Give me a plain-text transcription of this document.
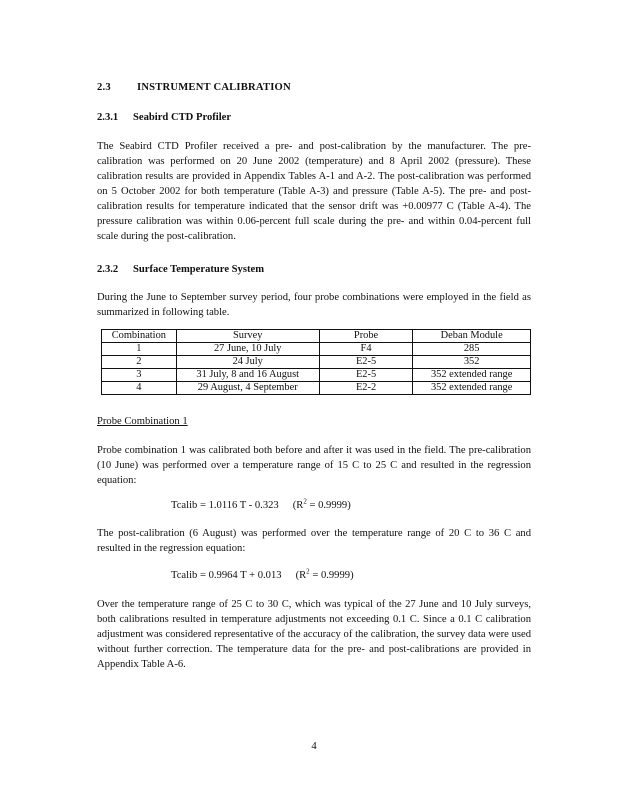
2.3 INSTRUMENT CALIBRATION
2.3.1 Seabird CTD Profiler

The Seabird CTD Profiler received a pre- and post-calibration by the manufacturer. The pre-calibration was performed on 20 June 2002 (temperature) and 8 April 2002 (pressure). These calibration results are provided in Appendix Tables A-1 and A-2. The post-calibration was performed on 5 October 2002 for both temperature (Table A-3) and pressure (Table A-5). The pre- and post-calibration results for temperature indicated that the sensor drift was +0.00977 C (Table A-4). The pressure calibration was within 0.06-percent full scale during the pre- and within 0.04-percent full scale during the post-calibration.

2.3.2 Surface Temperature System

During the June to September survey period, four probe combinations were employed in the field as summarized in following table.

Combination	Survey	Probe	Deban Module
1	27 June, 10 July	F4	285
2	24 July	E2-5	352
3	31 July, 8 and 16 August	E2-5	352 extended range
4	29 August, 4 September	E2-2	352 extended range
Probe Combination 1

Probe combination 1 was calibrated both before and after it was used in the field. The pre-calibration (10 June) was performed over a temperature range of 15 C to 25 C and resulted in the regression equation:

Tcalib = 1.0116 T - 0.323 $(R^2 = 0.9999)$

The post-calibration (6 August) was performed over the temperature range of 20 C to 36 C and resulted in the regression equation:

Tcalib = 0.9964 T + 0.013 $(R^2 = 0.9999)$

Over the temperature range of 25 C to 30 C, which was typical of the 27 June and 10 July surveys, both calibrations resulted in temperature adjustments not exceeding 0.1 C. Since a 0.1 C calibration adjustment was considered representative of the accuracy of the calibration, the survey data were used without further correction. The temperature data for the pre- and post-calibrations are provided in Appendix Table A-6.

4
